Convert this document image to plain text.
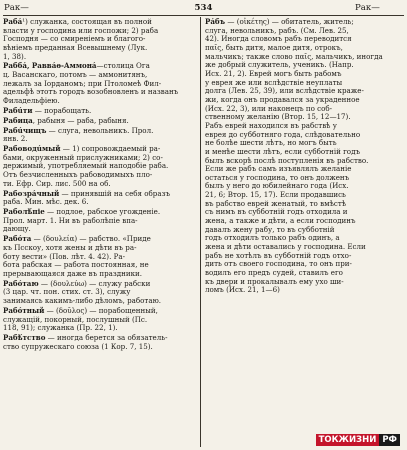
Рак—	534	Рак—
Рабá¹) служанка, состоящая въ полной
власти у господина или госпожи; 2) раба
Господня — со смиреніемъ и благого-
вѣніемъ преданная Всевышнему (Лук.
1, 38).
Раббá, Раввáѳ-Аммонá—столица Ога
ц. Васанскаго, потомъ — аммонитянъ,
лежалъ за Iорданомъ; при Птоломеѣ Фил-
адельфѣ этотъ городъ возобновленъ и названъ
Филадельфіею.
Рабúти — порабощать.
Рабица, рабыня — раба, рабыня.
Рабúчищъ — слуга, невольникъ. Прол.
янв. 2.
Рабоводúмый — 1) сопровождаемый ра-
бами, окруженный прислужниками; 2) со-
держимый, употребляемый наподобіе раба.
Отъ безчисленныхъ рабоводимыхъ пло-
ти. Ефр. Сир. лис. 500 на об.
Рабозрáчный — принявшій на себя образъ
раба. Мин. мѣс. дек. 6.
Раболѣ́пiе — подлое, рабское угожденіе.
Прол. март. 1. Ни въ раболѣпіе впа-
дающу.
Рабóта — (δουλεία) — рабство. «Приде
къ Псскоу, хотя жены и дѣти въ ра-
боту вести» (Пов. лѣт. 4. 42). Ра-
бота рабская — работа постоянная, не
прерывающаяся даже въ праздники.
Рабóтаю — (δουλεύω) — служу рабски
(3 цар. чт. пон. стих. ст. 3), служу
занимаясь какимъ-либо дѣломъ, работаю.
Рабóтный — (δοῦλος) — порабощенный,
служащій, покорный, послушный (Пс.
118, 91); служанка (Пр. 22, 1).
Рабѣ́тство — иногда берется за обязатель-
ство супружескаго союза (1 Кор. 7, 15).
Рáбъ — (οἰκέτης) — обитатель, житель;
слуга, невольникъ, рабъ. (См. Лев. 25,
42). Иногда словомъ рабъ переводится
παῖς, быть дитя, малое дитя, отрокъ,
мальчикъ; также слово παῖς, мальчикъ, иногда
же добрый служитель, ученикъ. (Напр.
Исх. 21, 2). Еврей могъ быть рабомъ
у еврея же или вслѣдствіе неуплаты
долга (Лев. 25, 39), или вслѣдствіе краже-
жи, когда онъ продавался за украденное
(Исх. 22, 3), или наконецъ по соб-
ственному желанію (Втор. 15, 12—17).
Рабъ еврей находился въ рабствѣ у
еврея до субботняго года, слѣдовательно
не болѣе шести лѣтъ, но могъ быть
и менѣе шести лѣтъ, если субботній годъ
былъ вскорѣ послѣ поступленія въ рабство.
Если же рабъ самъ изъявлялъ желаніе
остаться у господина, то онъ долженъ
былъ у него до юбилейнаго года (Исх.
21, 6; Втор. 15, 17). Если продавшись
въ рабство еврей женатый, то вмѣстѣ
съ нимъ въ субботній годъ отходила и
жена, а также и дѣти, а если господинъ
давалъ жену рабу, то въ субботній
годъ отходилъ только рабъ одинъ, а
жена и дѣти оставались у господина. Если
рабъ не хотѣлъ въ субботній годъ отхо-
дить отъ своего господина, то онъ при-
водилъ его предъ судей, ставилъ его
къ двери и прокалывалъ ему ухо ши-
ломъ (Исх. 21, 1—6)
ТОКЖИЗНИ РФ
